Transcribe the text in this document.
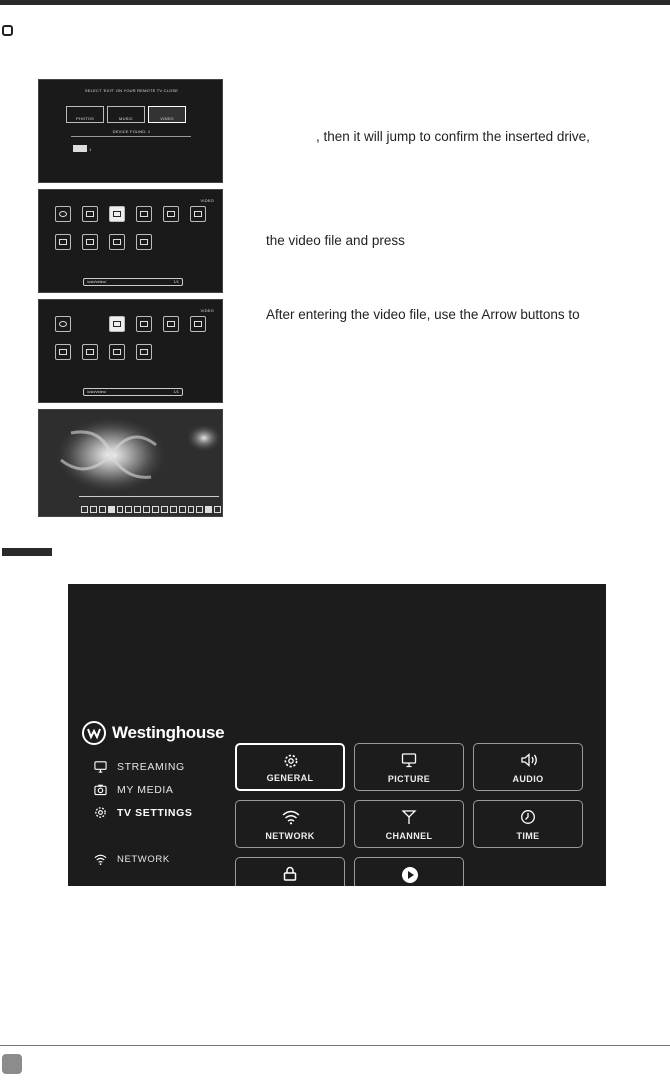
SELECT 'EXIT' ON YOUR REMOTE TV CLOSE
PHOTOS	MUSIC	VIDEO
DEVICE FOUND: 1
1
VIDEO
/usb/video/	1/1
VIDEO
/usb/video/	1/1
, then it will jump to confirm the inserted drive,
the video file and press
After entering the video file, use the Arrow buttons to
Westinghouse
STREAMING
MY MEDIA
TV SETTINGS
NETWORK
GENERAL	PICTURE	AUDIO
NETWORK	CHANNEL	TIME
